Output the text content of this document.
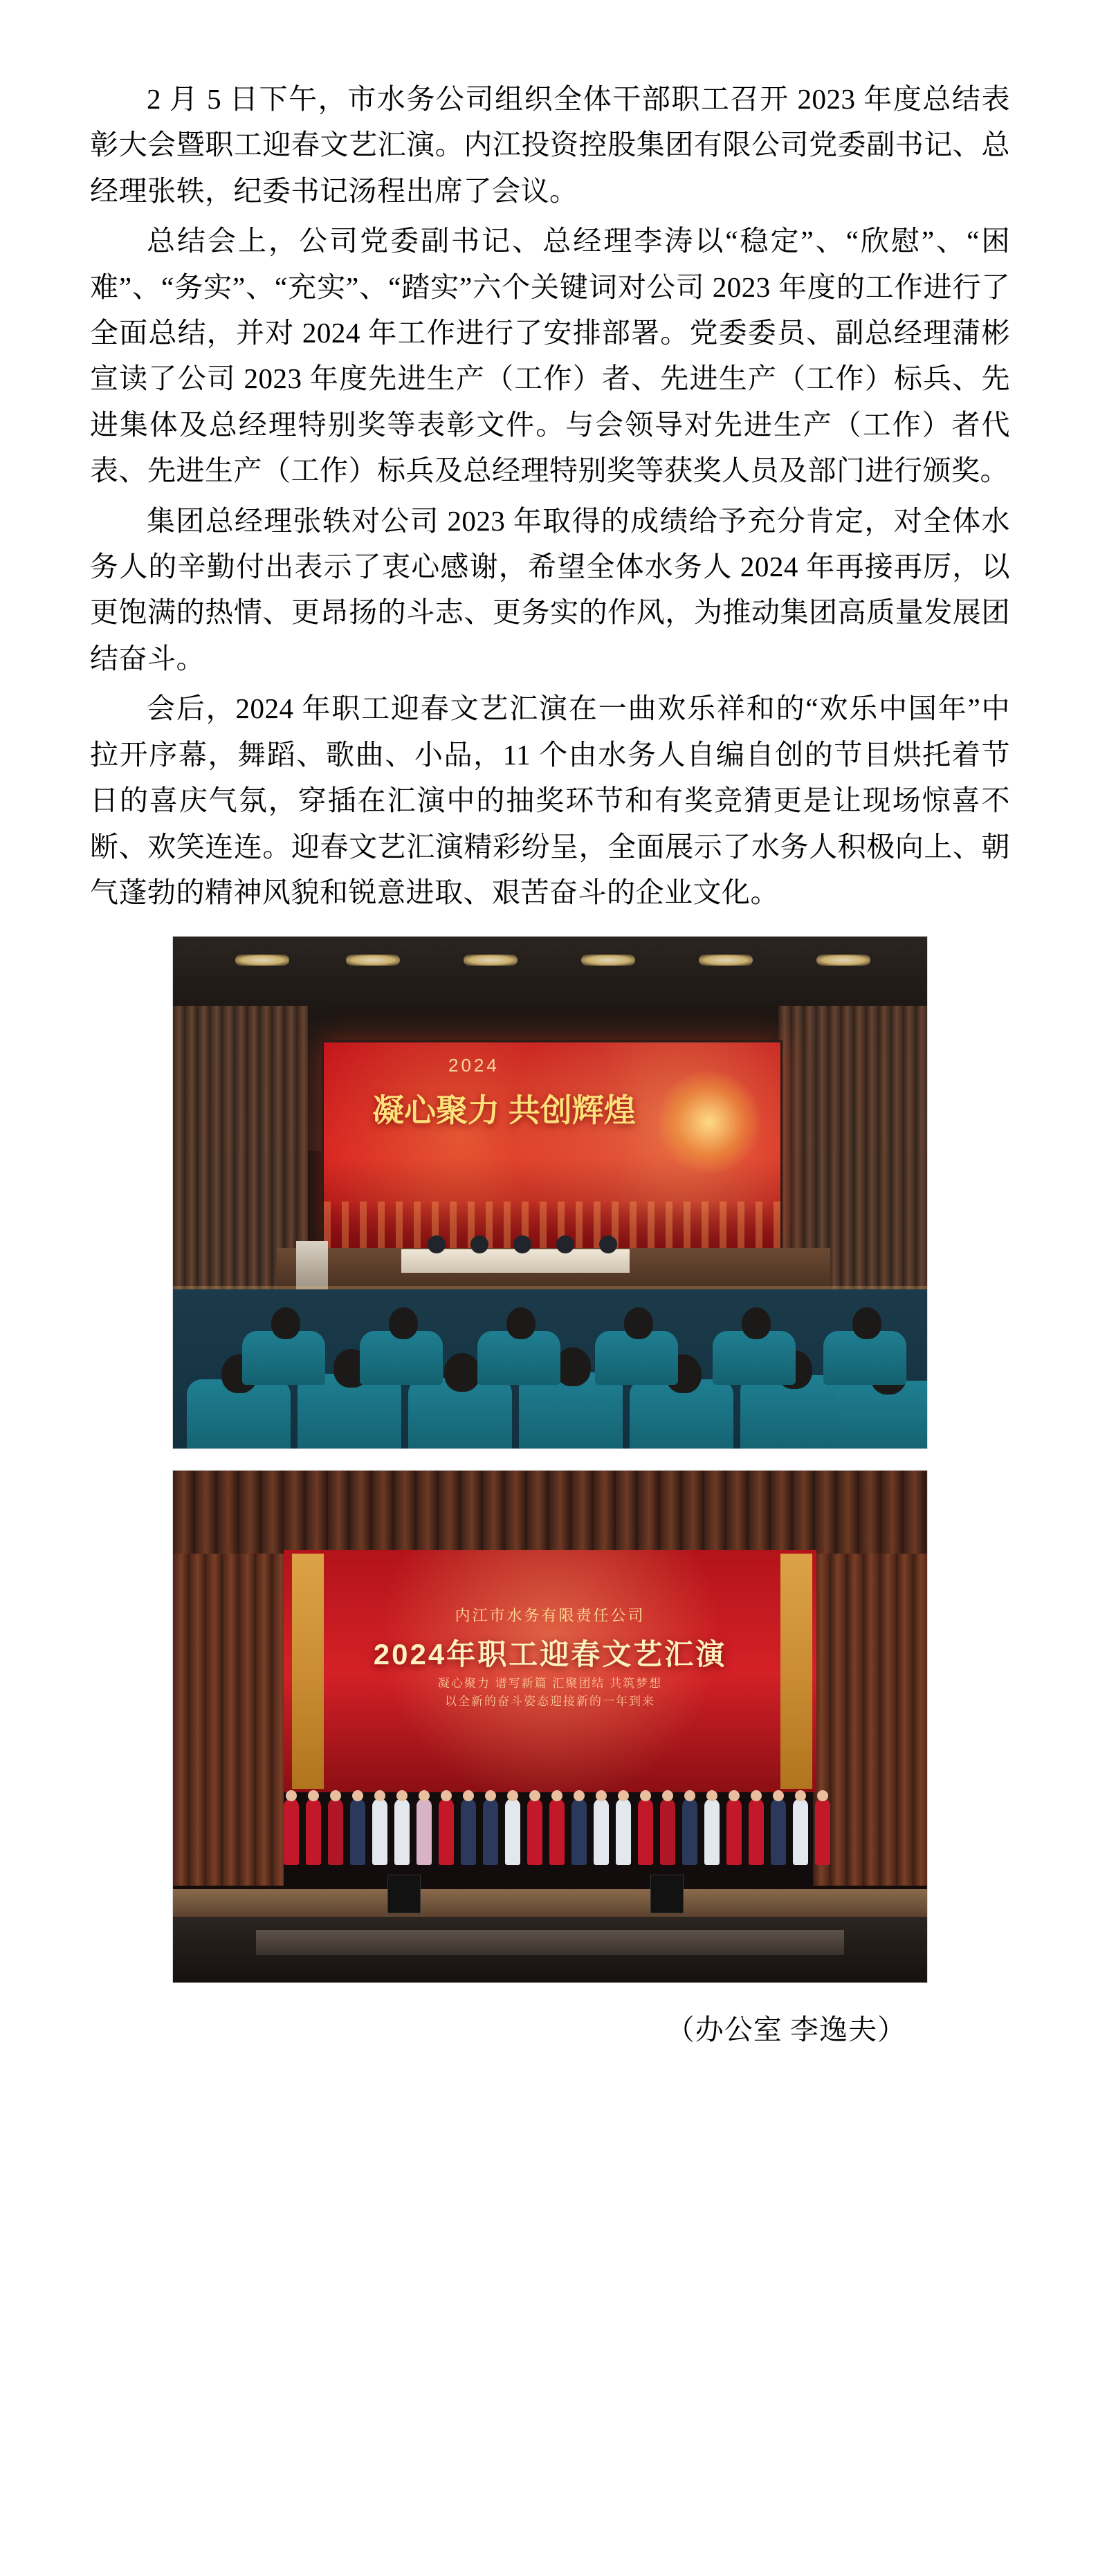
2 月 5 日下午，市水务公司组织全体干部职工召开 2023 年度总结表彰大会暨职工迎春文艺汇演。内江投资控股集团有限公司党委副书记、总经理张轶，纪委书记汤程出席了会议。

总结会上，公司党委副书记、总经理李涛以“稳定”、“欣慰”、“困难”、“务实”、“充实”、“踏实”六个关键词对公司 2023 年度的工作进行了全面总结，并对 2024 年工作进行了安排部署。党委委员、副总经理蒲彬宣读了公司 2023 年度先进生产（工作）者、先进生产（工作）标兵、先进集体及总经理特别奖等表彰文件。与会领导对先进生产（工作）者代表、先进生产（工作）标兵及总经理特别奖等获奖人员及部门进行颁奖。

集团总经理张轶对公司 2023 年取得的成绩给予充分肯定，对全体水务人的辛勤付出表示了衷心感谢，希望全体水务人 2024 年再接再厉，以更饱满的热情、更昂扬的斗志、更务实的作风，为推动集团高质量发展团结奋斗。

会后，2024 年职工迎春文艺汇演在一曲欢乐祥和的“欢乐中国年”中拉开序幕，舞蹈、歌曲、小品，11 个由水务人自编自创的节目烘托着节日的喜庆气氛，穿插在汇演中的抽奖环节和有奖竞猜更是让现场惊喜不断、欢笑连连。迎春文艺汇演精彩纷呈，全面展示了水务人积极向上、朝气蓬勃的精神风貌和锐意进取、艰苦奋斗的企业文化。

2024
凝心聚力 共创辉煌
内江市水务有限责任公司
2024年职工迎春文艺汇演
凝心聚力 谱写新篇 汇聚团结 共筑梦想
以全新的奋斗姿态迎接新的一年到来

（办公室 李逸夫）
